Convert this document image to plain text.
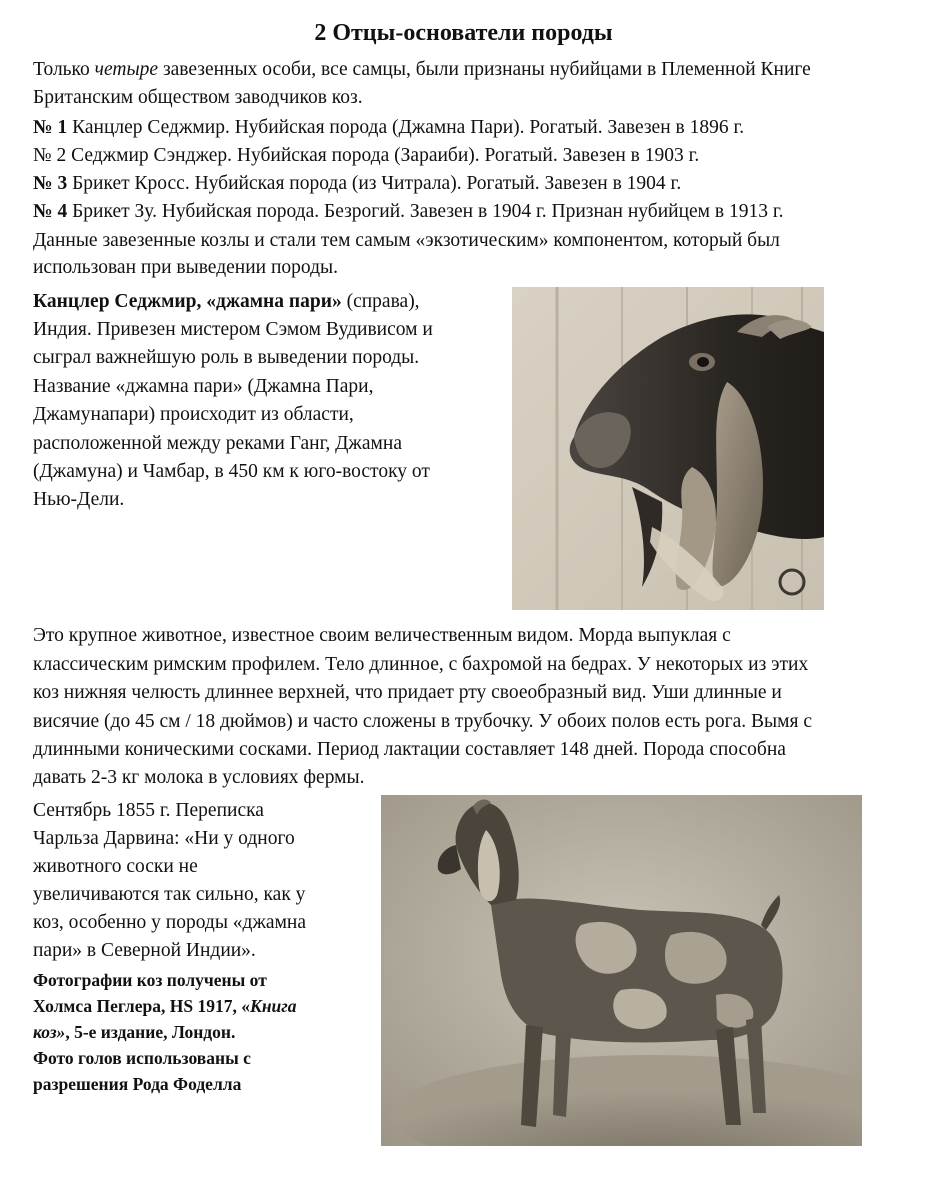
2 Отцы-основатели породы
Только четыре завезенных особи, все самцы, были признаны нубийцами в Племенной Книге
Британским обществом заводчиков коз.
№ 1 Канцлер Седжмир. Нубийская порода (Джамна Пари). Рогатый. Завезен в 1896 г.
№ 2 Седжмир Сэнджер. Нубийская порода (Зараиби). Рогатый. Завезен в 1903 г.
№ 3 Брикет Кросс. Нубийская порода (из Читрала). Рогатый. Завезен в 1904 г.
№ 4 Брикет Зу. Нубийская порода. Безрогий. Завезен в 1904 г. Признан нубийцем в 1913 г.
Данные завезенные козлы и стали тем самым «экзотическим» компонентом, который был
использован при выведении породы.
Канцлер Седжмир, «джамна пари» (справа),
Индия. Привезен мистером Сэмом Вудивисом и
сыграл важнейшую роль в выведении породы.
Название «джамна пари» (Джамна Пари,
Джамунапари) происходит из области,
расположенной между реками Ганг, Джамна
(Джамуна) и Чамбар, в 450 км к юго-востоку от
Нью-Дели.
Это крупное животное, известное своим величественным видом. Морда выпуклая с
классическим римским профилем. Тело длинное, с бахромой на бедрах. У некоторых из этих
коз нижняя челюсть длиннее верхней, что придает рту своеобразный вид. Уши длинные и
висячие (до 45 см / 18 дюймов) и часто сложены в трубочку. У обоих полов есть рога. Вымя с
длинными коническими сосками. Период лактации составляет 148 дней. Порода способна
давать 2-3 кг молока в условиях фермы.
Сентябрь 1855 г. Переписка
Чарльза Дарвина: «Ни у одного
животного соски не
увеличиваются так сильно, как у
коз, особенно у породы «джамна
пари» в Северной Индии».
Фотографии коз получены от
Холмса Пеглера, HS 1917, «Книга
коз», 5-е издание, Лондон.
Фото голов использованы с
разрешения Рода Фоделла
